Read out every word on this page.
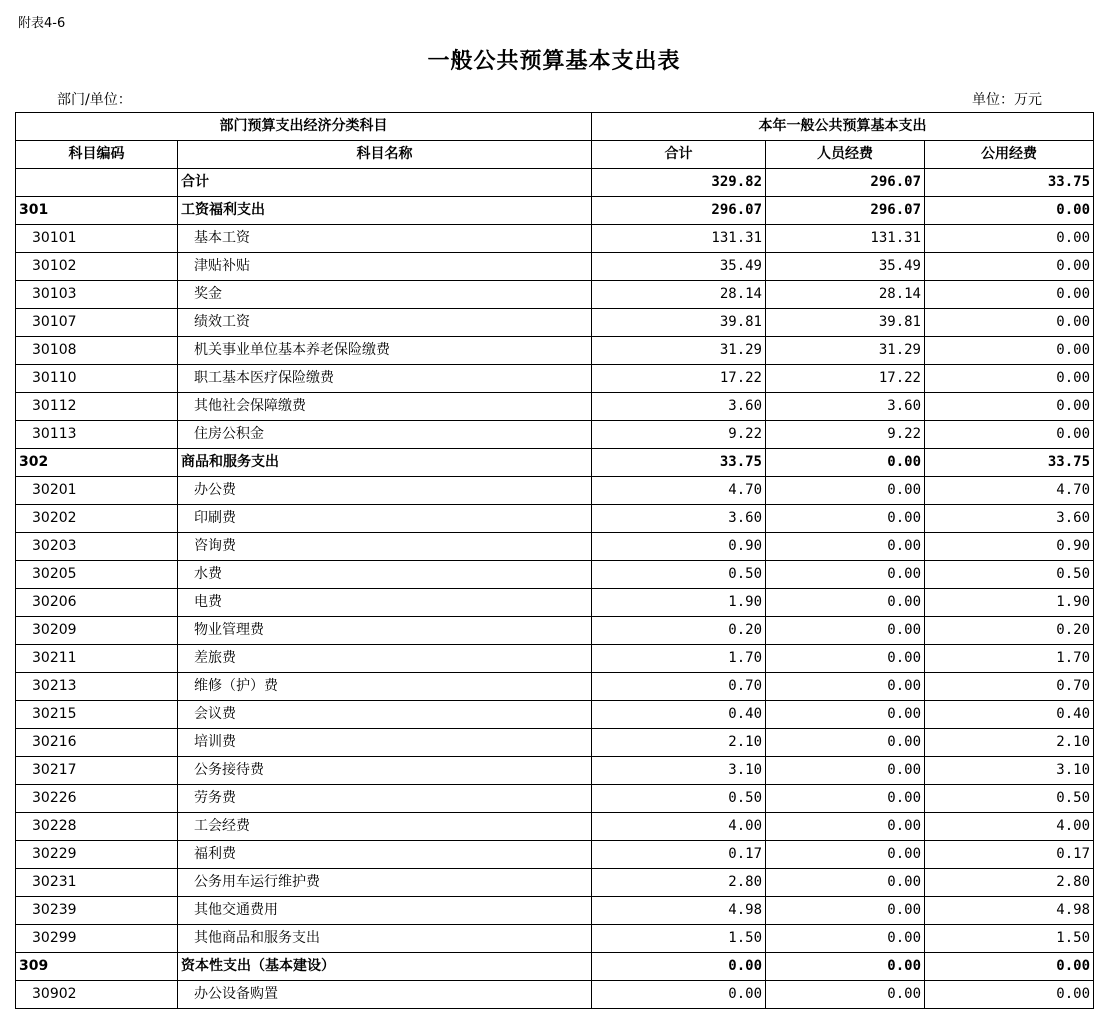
附表4-6
一般公共预算基本支出表
部门/单位：	单位：万元
部门预算支出经济分类科目		本年一般公共预算基本支出		
科目编码	科目名称	合计	人员经费	公用经费
	合计	329.82	296.07	33.75
301	工资福利支出	296.07	296.07	0.00
30101	基本工资	131.31	131.31	0.00
30102	津贴补贴	35.49	35.49	0.00
30103	奖金	28.14	28.14	0.00
30107	绩效工资	39.81	39.81	0.00
30108	机关事业单位基本养老保险缴费	31.29	31.29	0.00
30110	职工基本医疗保险缴费	17.22	17.22	0.00
30112	其他社会保障缴费	3.60	3.60	0.00
30113	住房公积金	9.22	9.22	0.00
302	商品和服务支出	33.75	0.00	33.75
30201	办公费	4.70	0.00	4.70
30202	印刷费	3.60	0.00	3.60
30203	咨询费	0.90	0.00	0.90
30205	水费	0.50	0.00	0.50
30206	电费	1.90	0.00	1.90
30209	物业管理费	0.20	0.00	0.20
30211	差旅费	1.70	0.00	1.70
30213	维修（护）费	0.70	0.00	0.70
30215	会议费	0.40	0.00	0.40
30216	培训费	2.10	0.00	2.10
30217	公务接待费	3.10	0.00	3.10
30226	劳务费	0.50	0.00	0.50
30228	工会经费	4.00	0.00	4.00
30229	福利费	0.17	0.00	0.17
30231	公务用车运行维护费	2.80	0.00	2.80
30239	其他交通费用	4.98	0.00	4.98
30299	其他商品和服务支出	1.50	0.00	1.50
309	资本性支出（基本建设）	0.00	0.00	0.00
30902	办公设备购置	0.00	0.00	0.00
